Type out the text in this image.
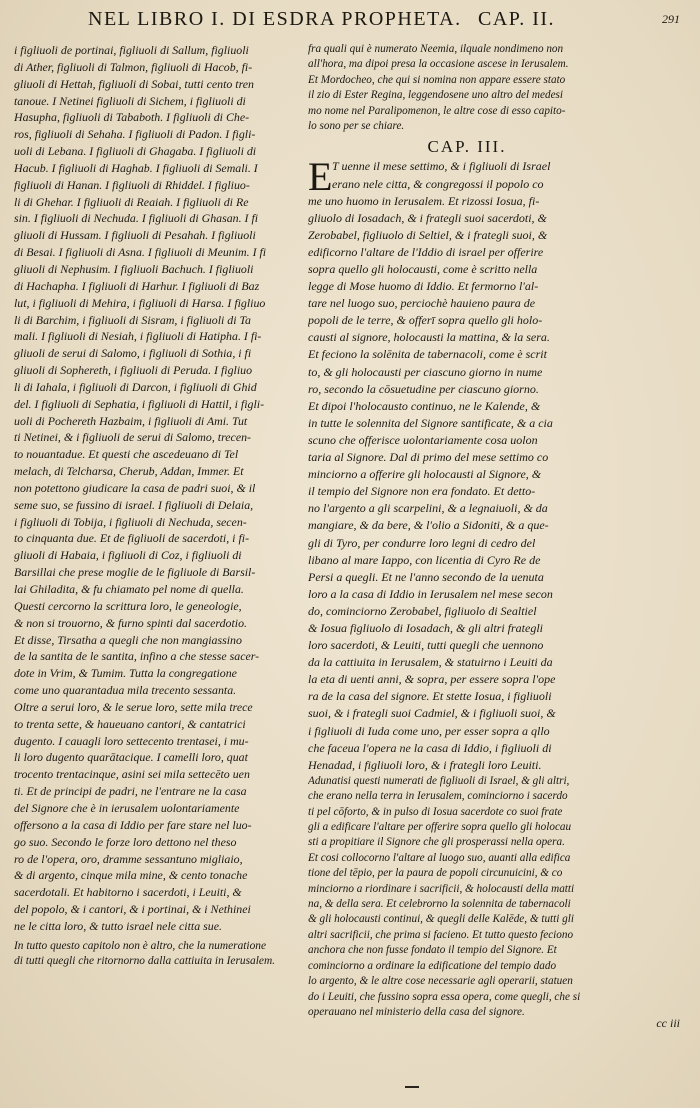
NEL LIBRO I. DI ESDRA PROPHETA. CAP. II.	291
i figliuoli de portinai, figliuoli di Sallum, figliuoli
di Ather, figliuoli di Talmon, figliuoli di Hacob, fi-
gliuoli di Hettah, figliuoli di Sobai, tutti cento tren
tanoue. I Netinei figliuoli di Sichem, i figliuoli di
Hasupha, figliuoli di Tababoth. I figliuoli di Che-
ros, figliuoli di Sehaha. I figliuoli di Padon. I figli-
uoli di Lebana. I figliuoli di Ghagaba. I figliuoli di
Hacub. I figliuoli di Haghab. I figliuoli di Semali. I
figliuoli di Hanan. I figliuoli di Rhiddel. I figliuo-
li di Ghehar. I figliuoli di Reaiah. I figliuoli di Re
sin. I figliuoli di Nechuda. I figliuoli di Ghasan. I fi
gliuoli di Hussam. I figliuoli di Pesahah. I figliuoli
di Besai. I figliuoli di Asna. I figliuoli di Meunim. I fi
gliuoli di Nephusim. I figliuoli Bachuch. I figliuoli
di Hachapha. I figliuoli di Harhur. I figliuoli di Baz
lut, i figliuoli di Mehira, i figliuoli di Harsa. I figliuo
li di Barchim, i figliuoli di Sisram, i figliuoli di Ta
mali. I figliuoli di Nesiah, i figliuoli di Hatipha. I fi-
gliuoli de serui di Salomo, i figliuoli di Sothia, i fi
gliuoli di Sophereth, i figliuoli di Peruda. I figliuo
li di Iahala, i figliuoli di Darcon, i figliuoli di Ghid
del. I figliuoli di Sephatia, i figliuoli di Hattil, i figli-
uoli di Pochereth Hazbaim, i figliuoli di Ami. Tut
ti Netinei, & i figliuoli de serui di Salomo, trecen-
to nouantadue. Et questi che ascedeuano di Tel
melach, di Telcharsa, Cherub, Addan, Immer. Et
non potettono giudicare la casa de padri suoi, & il
seme suo, se fussino di israel. I figliuoli di Delaia,
i figliuoli di Tobija, i figliuoli di Nechuda, secen-
to cinquanta due. Et de figliuoli de sacerdoti, i fi-
gliuoli di Habaia, i figliuoli di Coz, i figliuoli di
Barsillai che prese moglie de le figliuole di Barsil-
lai Ghiladita, & fu chiamato pel nome di quella.
Questi cercorno la scrittura loro, le geneologie,
& non si trouorno, & furno spinti dal sacerdotio.
Et disse, Tirsatha a quegli che non mangiassino
de la santita de le santita, infino a che stesse sacer-
dote in Vrim, & Tumim. Tutta la congregatione
come uno quarantadua mila trecento sessanta.
Oltre a serui loro, & le serue loro, sette mila trece
to trenta sette, & haueuano cantori, & cantatrici
dugento. I cauagli loro settecento trentasei, i mu-
li loro dugento quarātacique. I camelli loro, quat
trocento trentacinque, asini sei mila settecēto uen
ti. Et de principi de padri, ne l'entrare ne la casa
del Signore che è in ierusalem uolontariamente
offersono a la casa di Iddio per fare stare nel luo-
go suo. Secondo le forze loro dettono nel theso
ro de l'opera, oro, dramme sessantuno migliaio,
& di argento, cinque mila mine, & cento tonache
sacerdotali. Et habitorno i sacerdoti, i Leuiti, &
del popolo, & i cantori, & i portinai, & i Nethinei
ne le citta loro, & tutto israel nele citta sue.
In tutto questo capitolo non è altro, che la numeratione
di tutti quegli che ritornorno dalla cattiuita in Ierusalem.
fra quali qui è numerato Neemia, ilquale nondimeno non
all'hora, ma dipoi presa la occasione ascese in Ierusalem.
Et Mordocheo, che qui si nomina non appare essere stato
il zio di Ester Regina, leggendosene uno altro del medesi
mo nome nel Paralipomenon, le altre cose di esso capito-
lo sono per se chiare.
CAP. III.
E T uenne il mese settimo, & i figliuoli di Israel
erano nele citta, & congregossi il popolo co
me uno huomo in Ierusalem. Et rizossi Iosua, fi-
gliuolo di Iosadach, & i frategli suoi sacerdoti, &
Zerobabel, figliuolo di Seltiel, & i frategli suoi, &
edificorno l'altare de l'Iddio di israel per offerire
sopra quello gli holocausti, come è scritto nella
legge di Mose huomo di Iddio. Et fermorno l'al-
tare nel luogo suo, perciochè hauieno paura de
popoli de le terre, & offerī sopra quello gli holo-
causti al signore, holocausti la mattina, & la sera.
Et feciono la solēnita de tabernacoli, come è scrit
to, & gli holocausti per ciascuno giorno in nume
ro, secondo la cōsuetudine per ciascuno giorno.
Et dipoi l'holocausto continuo, ne le Kalende, &
in tutte le solennita del Signore santificate, & a cia
scuno che offerisce uolontariamente cosa uolon
taria al Signore. Dal di primo del mese settimo co
minciorno a offerire gli holocausti al Signore, &
il tempio del Signore non era fondato. Et detto-
no l'argento a gli scarpelini, & a legnaiuoli, & da
mangiare, & da bere, & l'olio a Sidoniti, & a que-
gli di Tyro, per condurre loro legni di cedro del
libano al mare Iappo, con licentia di Cyro Re de
Persi a quegli. Et ne l'anno secondo de la uenuta
loro a la casa di Iddio in Ierusalem nel mese secon
do, cominciorno Zerobabel, figliuolo di Sealtiel
& Iosua figliuolo di Iosadach, & gli altri frategli
loro sacerdoti, & Leuiti, tutti quegli che uennono
da la cattiuita in Ierusalem, & statuirno i Leuiti da
la eta di uenti anni, & sopra, per essere sopra l'ope
ra de la casa del signore. Et stette Iosua, i figliuoli
suoi, & i frategli suoi Cadmiel, & i figliuoli suoi, &
i figliuoli di Iuda come uno, per esser sopra a qllo
che faceua l'opera ne la casa di Iddio, i figliuoli di
Henadad, i figliuoli loro, & i frategli loro Leuiti.
Adunatisi questi numerati de figliuoli di Israel, & gli altri,
che erano nella terra in Ierusalem, cominciorno i sacerdo
ti pel cōforto, & in pulso di Iosua sacerdote co suoi frate
gli a edificare l'altare per offerire sopra quello gli holocau
sti a propitiare il Signore che gli prosperassi nella opera.
Et cosi collocorno l'altare al luogo suo, auanti alla edifica
tione del tēpio, per la paura de popoli circunuicini, & co
minciorno a riordinare i sacrificii, & holocausti della matti
na, & della sera. Et celebrorno la solennita de tabernacoli
& gli holocausti continui, & quegli delle Kalēde, & tutti gli
altri sacrificii, che prima si facieno. Et tutto questo feciono
anchora che non fusse fondato il tempio del Signore. Et
cominciorno a ordinare la edificatione del tempio dado
lo argento, & le altre cose necessarie agli operarii, statuen
do i Leuiti, che fussino sopra essa opera, come quegli, che si
operauano nel ministerio della casa del signore.
cc iii
